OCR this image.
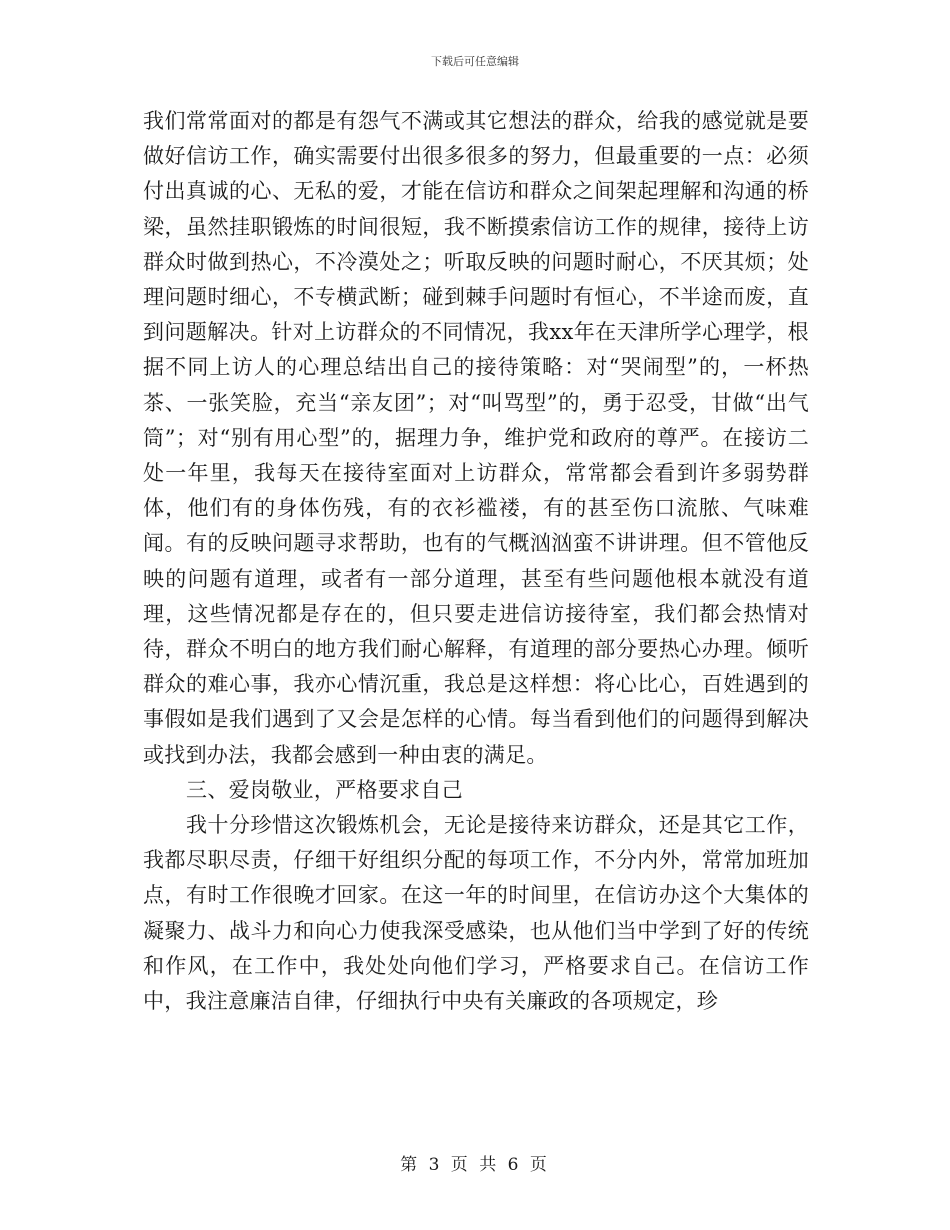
下载后可任意编辑

我们常常面对的都是有怨气不满或其它想法的群众，给我的感觉就是要做好信访工作，确实需要付出很多很多的努力，但最重要的一点：必须付出真诚的心、无私的爱，才能在信访和群众之间架起理解和沟通的桥梁，虽然挂职锻炼的时间很短，我不断摸索信访工作的规律，接待上访群众时做到热心，不冷漠处之；听取反映的问题时耐心，不厌其烦；处理问题时细心，不专横武断；碰到棘手问题时有恒心，不半途而废，直到问题解决。针对上访群众的不同情况，我xx年在天津所学心理学，根据不同上访人的心理总结出自己的接待策略：对“哭闹型”的，一杯热茶、一张笑脸，充当“亲友团”；对“叫骂型”的，勇于忍受，甘做“出气筒”；对“别有用心型”的，据理力争，维护党和政府的尊严。在接访二处一年里，我每天在接待室面对上访群众，常常都会看到许多弱势群体，他们有的身体伤残，有的衣衫褴褛，有的甚至伤口流脓、气味难闻。有的反映问题寻求帮助，也有的气概汹汹蛮不讲讲理。但不管他反映的问题有道理，或者有一部分道理，甚至有些问题他根本就没有道理，这些情况都是存在的，但只要走进信访接待室，我们都会热情对待，群众不明白的地方我们耐心解释，有道理的部分要热心办理。倾听群众的难心事，我亦心情沉重，我总是这样想：将心比心，百姓遇到的事假如是我们遇到了又会是怎样的心情。每当看到他们的问题得到解决或找到办法，我都会感到一种由衷的满足。

三、爱岗敬业，严格要求自己

我十分珍惜这次锻炼机会，无论是接待来访群众，还是其它工作，我都尽职尽责，仔细干好组织分配的每项工作，不分内外，常常加班加点，有时工作很晚才回家。在这一年的时间里，在信访办这个大集体的凝聚力、战斗力和向心力使我深受感染，也从他们当中学到了好的传统和作风，在工作中，我处处向他们学习，严格要求自己。在信访工作中，我注意廉洁自律，仔细执行中央有关廉政的各项规定，珍

第 3 页 共 6 页
